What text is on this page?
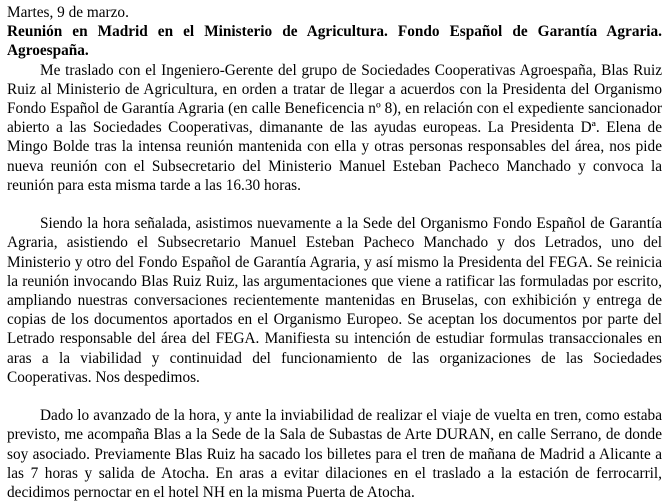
Martes, 9 de marzo.

Reunión en Madrid en el Ministerio de Agricultura. Fondo Español de Garantía Agraria. Agroespaña.

Me traslado con el Ingeniero-Gerente del grupo de Sociedades Cooperativas Agroespaña, Blas Ruiz Ruiz al Ministerio de Agricultura, en orden a tratar de llegar a acuerdos con la Presidenta del Organismo Fondo Español de Garantía Agraria (en calle Beneficencia nº 8), en relación con el expediente sancionador abierto a las Sociedades Cooperativas, dimanante de las ayudas europeas. La Presidenta Dª. Elena de Mingo Bolde tras la intensa reunión mantenida con ella y otras personas responsables del área, nos pide nueva reunión con el Subsecretario del Ministerio Manuel Esteban Pacheco Manchado y convoca la reunión para esta misma tarde a las 16.30 horas.

Siendo la hora señalada, asistimos nuevamente a la Sede del Organismo Fondo Español de Garantía Agraria, asistiendo el Subsecretario Manuel Esteban Pacheco Manchado y dos Letrados, uno del Ministerio y otro del Fondo Español de Garantía Agraria, y así mismo la Presidenta del FEGA. Se reinicia la reunión invocando Blas Ruiz Ruiz, las argumentaciones que viene a ratificar las formuladas por escrito, ampliando nuestras conversaciones recientemente mantenidas en Bruselas, con exhibición y entrega de copias de los documentos aportados en el Organismo Europeo. Se aceptan los documentos por parte del Letrado responsable del área del FEGA. Manifiesta su intención de estudiar formulas transaccionales en aras a la viabilidad y continuidad del funcionamiento de las organizaciones de las Sociedades Cooperativas. Nos despedimos.

Dado lo avanzado de la hora, y ante la inviabilidad de realizar el viaje de vuelta en tren, como estaba previsto, me acompaña Blas a la Sede de la Sala de Subastas de Arte DURAN, en calle Serrano, de donde soy asociado. Previamente Blas Ruiz ha sacado los billetes para el tren de mañana de Madrid a Alicante a las 7 horas y salida de Atocha. En aras a evitar dilaciones en el traslado a la estación de ferrocarril, decidimos pernoctar en el hotel NH en la misma Puerta de Atocha.
